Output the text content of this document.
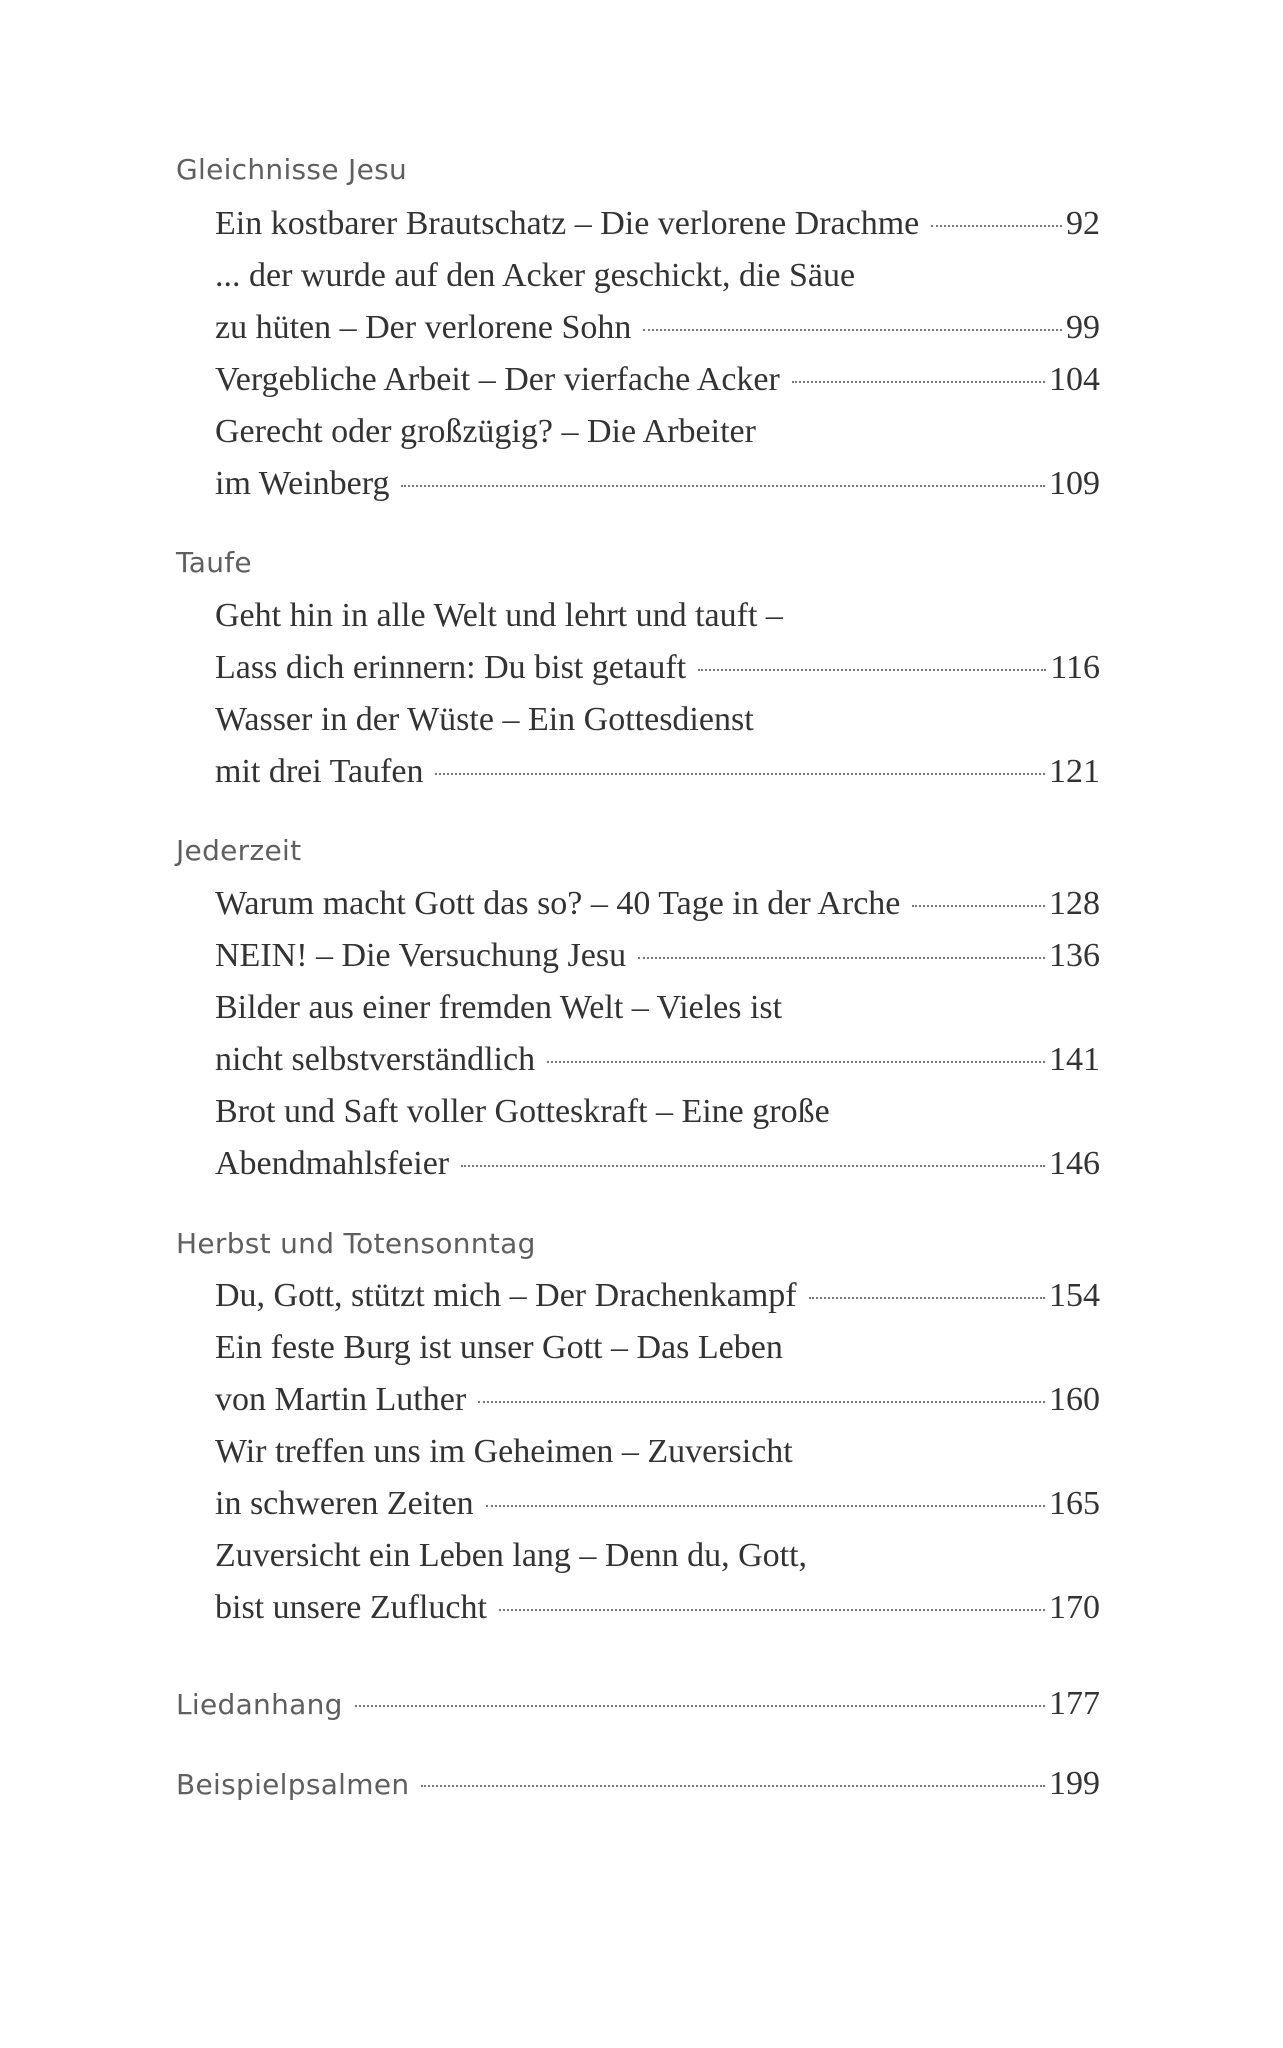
Gleichnisse Jesu
Ein kostbarer Brautschatz – Die verlorene Drachme	92
... der wurde auf den Acker geschickt, die Säue
zu hüten – Der verlorene Sohn	99
Vergebliche Arbeit – Der vierfache Acker	104
Gerecht oder großzügig? – Die Arbeiter
im Weinberg	109
Taufe
Geht hin in alle Welt und lehrt und tauft –
Lass dich erinnern: Du bist getauft	116
Wasser in der Wüste – Ein Gottesdienst
mit drei Taufen	121
Jederzeit
Warum macht Gott das so? – 40 Tage in der Arche	128
NEIN! – Die Versuchung Jesu	136
Bilder aus einer fremden Welt – Vieles ist
nicht selbstverständlich	141
Brot und Saft voller Gotteskraft – Eine große
Abendmahlsfeier	146
Herbst und Totensonntag
Du, Gott, stützt mich – Der Drachenkampf	154
Ein feste Burg ist unser Gott – Das Leben
von Martin Luther	160
Wir treffen uns im Geheimen – Zuversicht
in schweren Zeiten	165
Zuversicht ein Leben lang – Denn du, Gott,
bist unsere Zuflucht	170
Liedanhang	177
Beispielpsalmen	199
